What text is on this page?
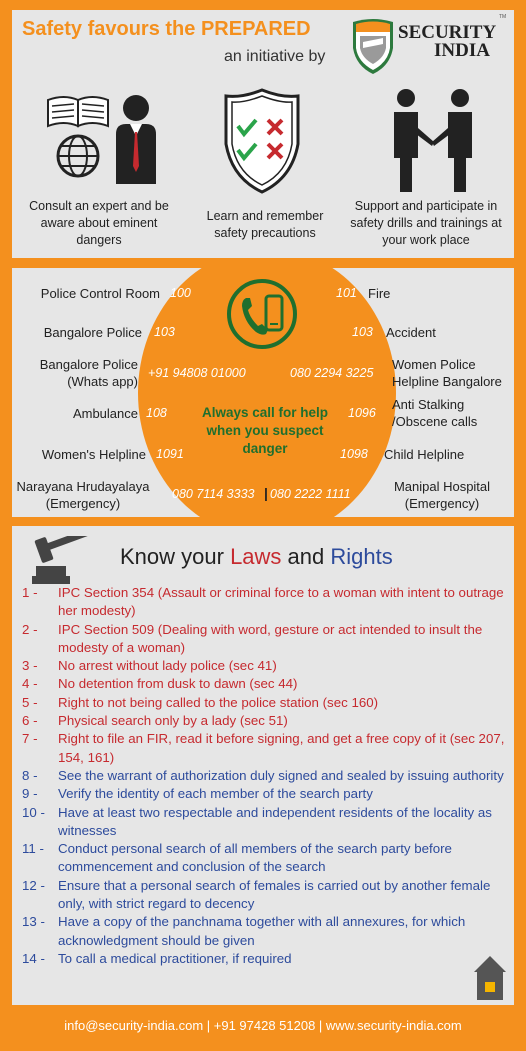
Safety favours the PREPARED
an initiative by
SECURITY
INDIA
TM
Consult an expert and be aware about eminent dangers
Learn and remember safety precautions
Support and participate in safety drills and trainings at your work place
Police Control Room 100
Bangalore Police 103
Bangalore Police (Whats app)
+91 94808 01000
Ambulance 108
Women's Helpline 1091
Narayana Hrudayalaya (Emergency)
080 7114 3333 |
Fire
101
Accident
103
Women Police Helpline Bangalore
080 2294 3225
Anti Stalking /Obscene calls
1096
Child Helpline
1098
Manipal Hospital (Emergency)
080 2222 1111
Always call for help when you suspect danger
Know your Laws and Rights
1 - IPC Section 354 (Assault or criminal force to a woman with intent to outrage her modesty)
2 - IPC Section 509 (Dealing with word, gesture or act intended to insult the modesty of a woman)
3 - No arrest without lady police (sec 41)
4 - No detention from dusk to dawn (sec 44)
5 - Right to not being called to the police station (sec 160)
6 - Physical search only by a lady (sec 51)
7 - Right to file an FIR, read it before signing, and get a free copy of it (sec 207, 154, 161)
8 - See the warrant of authorization duly signed and sealed by issuing authority
9 - Verify the identity of each member of the search party
10 - Have at least two respectable and independent residents of the locality as witnesses
11 - Conduct personal search of all members of the search party before commencement and conclusion of the search
12 - Ensure that a personal search of females is carried out by another female only, with strict regard to decency
13 - Have a copy of the panchnama together with all annexures, for which acknowledgment should be given
14 - To call a medical practitioner, if required
info@security-india.com | +91 97428 51208 | www.security-india.com
